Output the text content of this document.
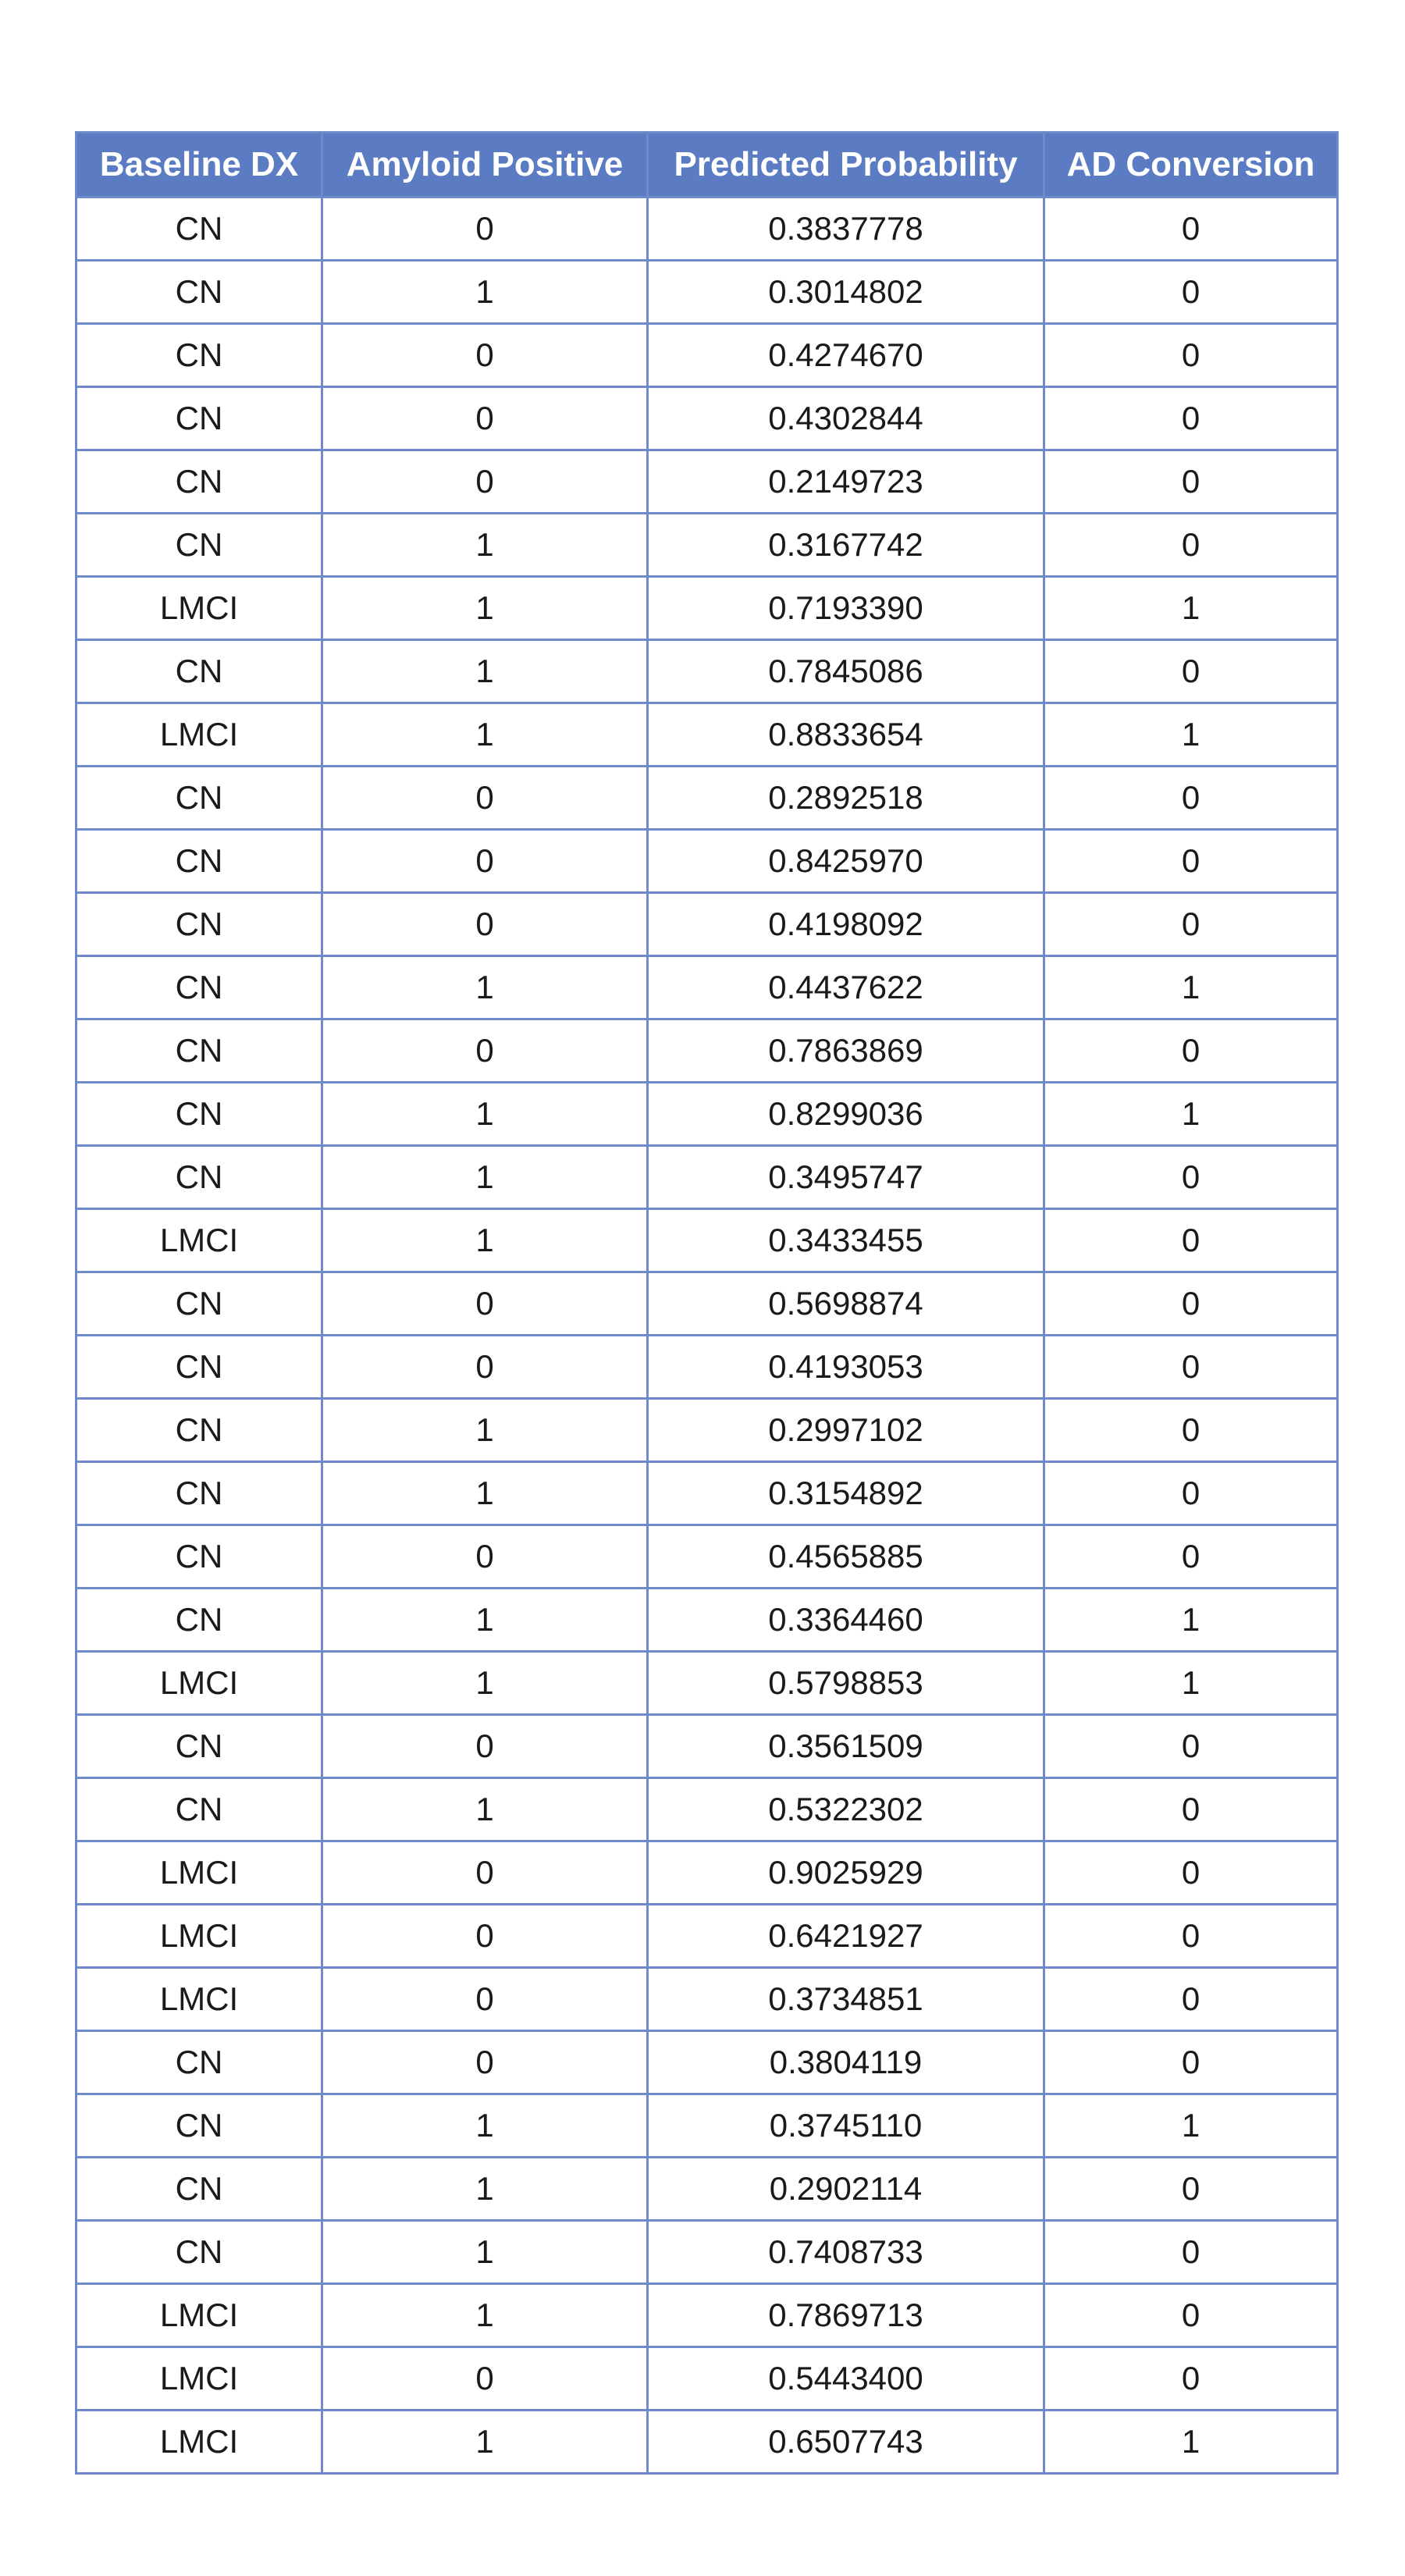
Baseline DX	Amyloid Positive	Predicted Probability	AD Conversion
CN	0	0.3837778	0
CN	1	0.3014802	0
CN	0	0.4274670	0
CN	0	0.4302844	0
CN	0	0.2149723	0
CN	1	0.3167742	0
LMCI	1	0.7193390	1
CN	1	0.7845086	0
LMCI	1	0.8833654	1
CN	0	0.2892518	0
CN	0	0.8425970	0
CN	0	0.4198092	0
CN	1	0.4437622	1
CN	0	0.7863869	0
CN	1	0.8299036	1
CN	1	0.3495747	0
LMCI	1	0.3433455	0
CN	0	0.5698874	0
CN	0	0.4193053	0
CN	1	0.2997102	0
CN	1	0.3154892	0
CN	0	0.4565885	0
CN	1	0.3364460	1
LMCI	1	0.5798853	1
CN	0	0.3561509	0
CN	1	0.5322302	0
LMCI	0	0.9025929	0
LMCI	0	0.6421927	0
LMCI	0	0.3734851	0
CN	0	0.3804119	0
CN	1	0.3745110	1
CN	1	0.2902114	0
CN	1	0.7408733	0
LMCI	1	0.7869713	0
LMCI	0	0.5443400	0
LMCI	1	0.6507743	1
